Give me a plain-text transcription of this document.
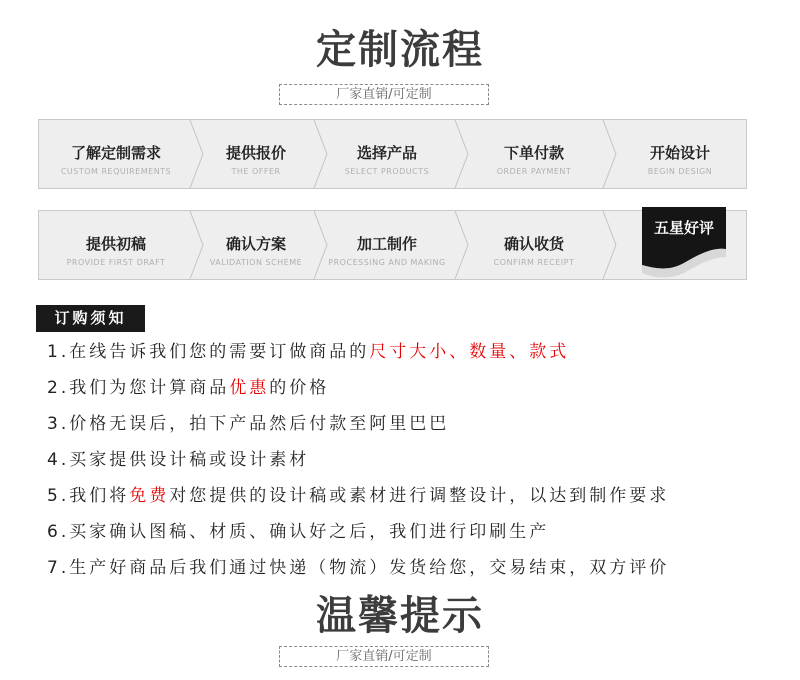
定制流程
厂家直销/可定制
了解定制需求
CUSTOM REQUIREMENTS
提供报价
THE OFFER
选择产品
SELECT PRODUCTS
下单付款
ORDER PAYMENT
开始设计
BEGIN DESIGN
提供初稿
PROVIDE FIRST DRAFT
确认方案
VALIDATION SCHEME
加工制作
PROCESSING AND MAKING
确认收货
CONFIRM RECEIPT
五星好评
订购须知
1.在线告诉我们您的需要订做商品的尺寸大小、数量、款式
2.我们为您计算商品优惠的价格
3.价格无误后，拍下产品然后付款至阿里巴巴
4.买家提供设计稿或设计素材
5.我们将免费对您提供的设计稿或素材进行调整设计，以达到制作要求
6.买家确认图稿、材质、确认好之后，我们进行印刷生产
7.生产好商品后我们通过快递（物流）发货给您，交易结束，双方评价
温馨提示
厂家直销/可定制
